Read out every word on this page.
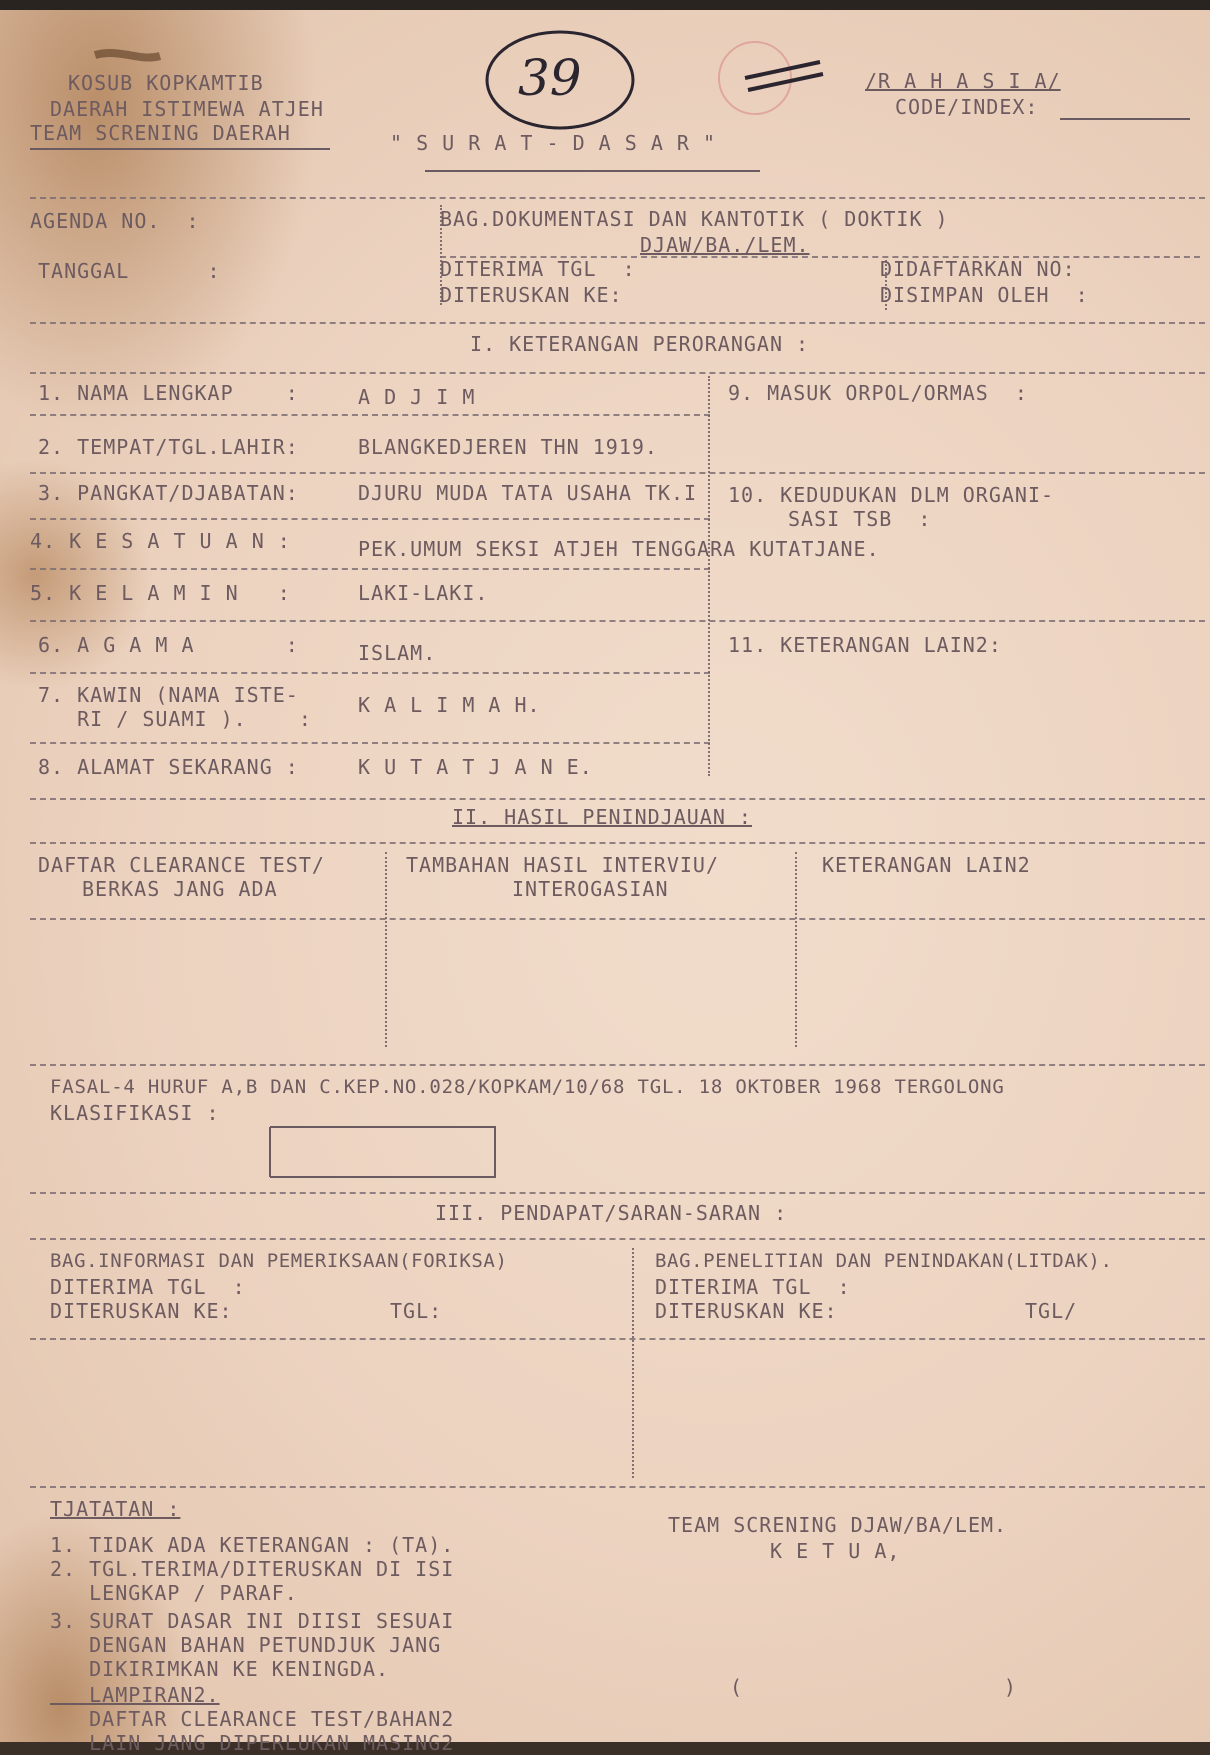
KOSUB KOPKAMTIB
DAERAH ISTIMEWA ATJEH
TEAM SCRENING DAERAH
39	/R A H A S I A/
CODE/INDEX:
" S U R A T - D A S A R "
AGENDA NO.  :
TANGGAL      :
BAG.DOKUMENTASI DAN KANTOTIK ( DOKTIK )
DJAW/BA./LEM.
DITERIMA TGL  :
DITERUSKAN KE:
DIDAFTARKAN NO:
DISIMPAN OLEH  :
I. KETERANGAN PERORANGAN :
1. NAMA LENGKAP    :	A D J I M
2. TEMPAT/TGL.LAHIR:	BLANGKEDJEREN THN 1919.
3. PANGKAT/DJABATAN:	DJURU MUDA TATA USAHA TK.I
4. K E S A T U A N :	PEK.UMUM SEKSI ATJEH TENGGARA KUTATJANE.
5. K E L A M I N   :	LAKI-LAKI.
6. A G A M A       :	ISLAM.
7. KAWIN (NAMA ISTE-
RI / SUAMI ).    :
K A L I M A H.
8. ALAMAT SEKARANG :	K U T A T J A N E.
9. MASUK ORPOL/ORMAS  :
10. KEDUDUKAN DLM ORGANI-
SASI TSB  :
11. KETERANGAN LAIN2:
II. HASIL PENINDJAUAN :
DAFTAR CLEARANCE TEST/
BERKAS JANG ADA
TAMBAHAN HASIL INTERVIU/
INTEROGASIAN
KETERANGAN LAIN2
FASAL-4 HURUF A,B DAN C.KEP.NO.028/KOPKAM/10/68 TGL. 18 OKTOBER 1968 TERGOLONG
KLASIFIKASI :
III. PENDAPAT/SARAN-SARAN :
BAG.INFORMASI DAN PEMERIKSAAN(FORIKSA)
DITERIMA TGL  :
DITERUSKAN KE:	TGL:
BAG.PENELITIAN DAN PENINDAKAN(LITDAK).
DITERIMA TGL  :
DITERUSKAN KE:	TGL/
TJATATAN :
1. TIDAK ADA KETERANGAN : (TA).
2. TGL.TERIMA/DITERUSKAN DI ISI
LENGKAP / PARAF.
3. SURAT DASAR INI DIISI SESUAI
DENGAN BAHAN PETUNDJUK JANG
DIKIRIMKAN KE KENINGDA.
LAMPIRAN2.
DAFTAR CLEARANCE TEST/BAHAN2
LAIN JANG DIPERLUKAN MASING2
TEAM SCRENING DJAW/BA/LEM.
K E T U A,
(                    )
